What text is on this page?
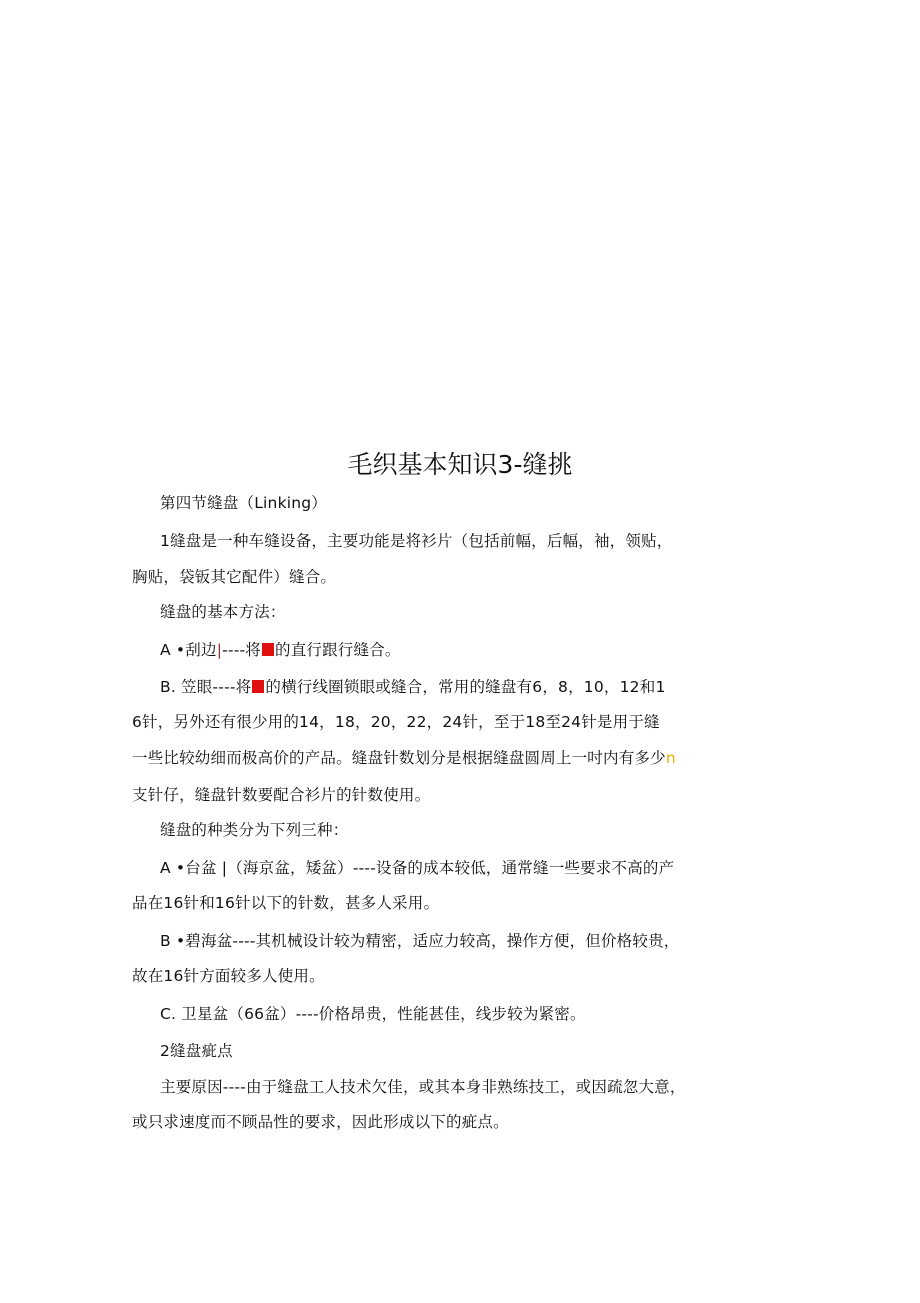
毛织基本知识3-缝挑
第四节缝盘（Linking）
1缝盘是一种车缝设备，主要功能是将衫片（包括前幅，后幅，袖，领贴，
胸贴，袋钣其它配件）缝合。
缝盘的基本方法：
A •刮边|----将 的直行跟行缝合。
B. 笠眼----将 的横行线圈锁眼或缝合，常用的缝盘有6，8，10，12和1
6针，另外还有很少用的14，18，20，22，24针，至于18至24针是用于缝
一些比较幼细而极高价的产品。缝盘针数划分是根据缝盘圆周上一吋内有多少n
支针仔，缝盘针数要配合衫片的针数使用。
缝盘的种类分为下列三种：
A •台盆 |（海京盆，矮盆）----设备的成本较低，通常缝一些要求不高的产
品在16针和16针以下的针数，甚多人采用。
B •碧海盆----其机械设计较为精密，适应力较高，操作方便，但价格较贵，
故在16针方面较多人使用。
C. 卫星盆（66盆）----价格昂贵，性能甚佳，线步较为紧密。
2缝盘疵点
主要原因----由于缝盘工人技术欠佳，或其本身非熟练技工，或因疏忽大意，
或只求速度而不顾品性的要求，因此形成以下的疵点。
